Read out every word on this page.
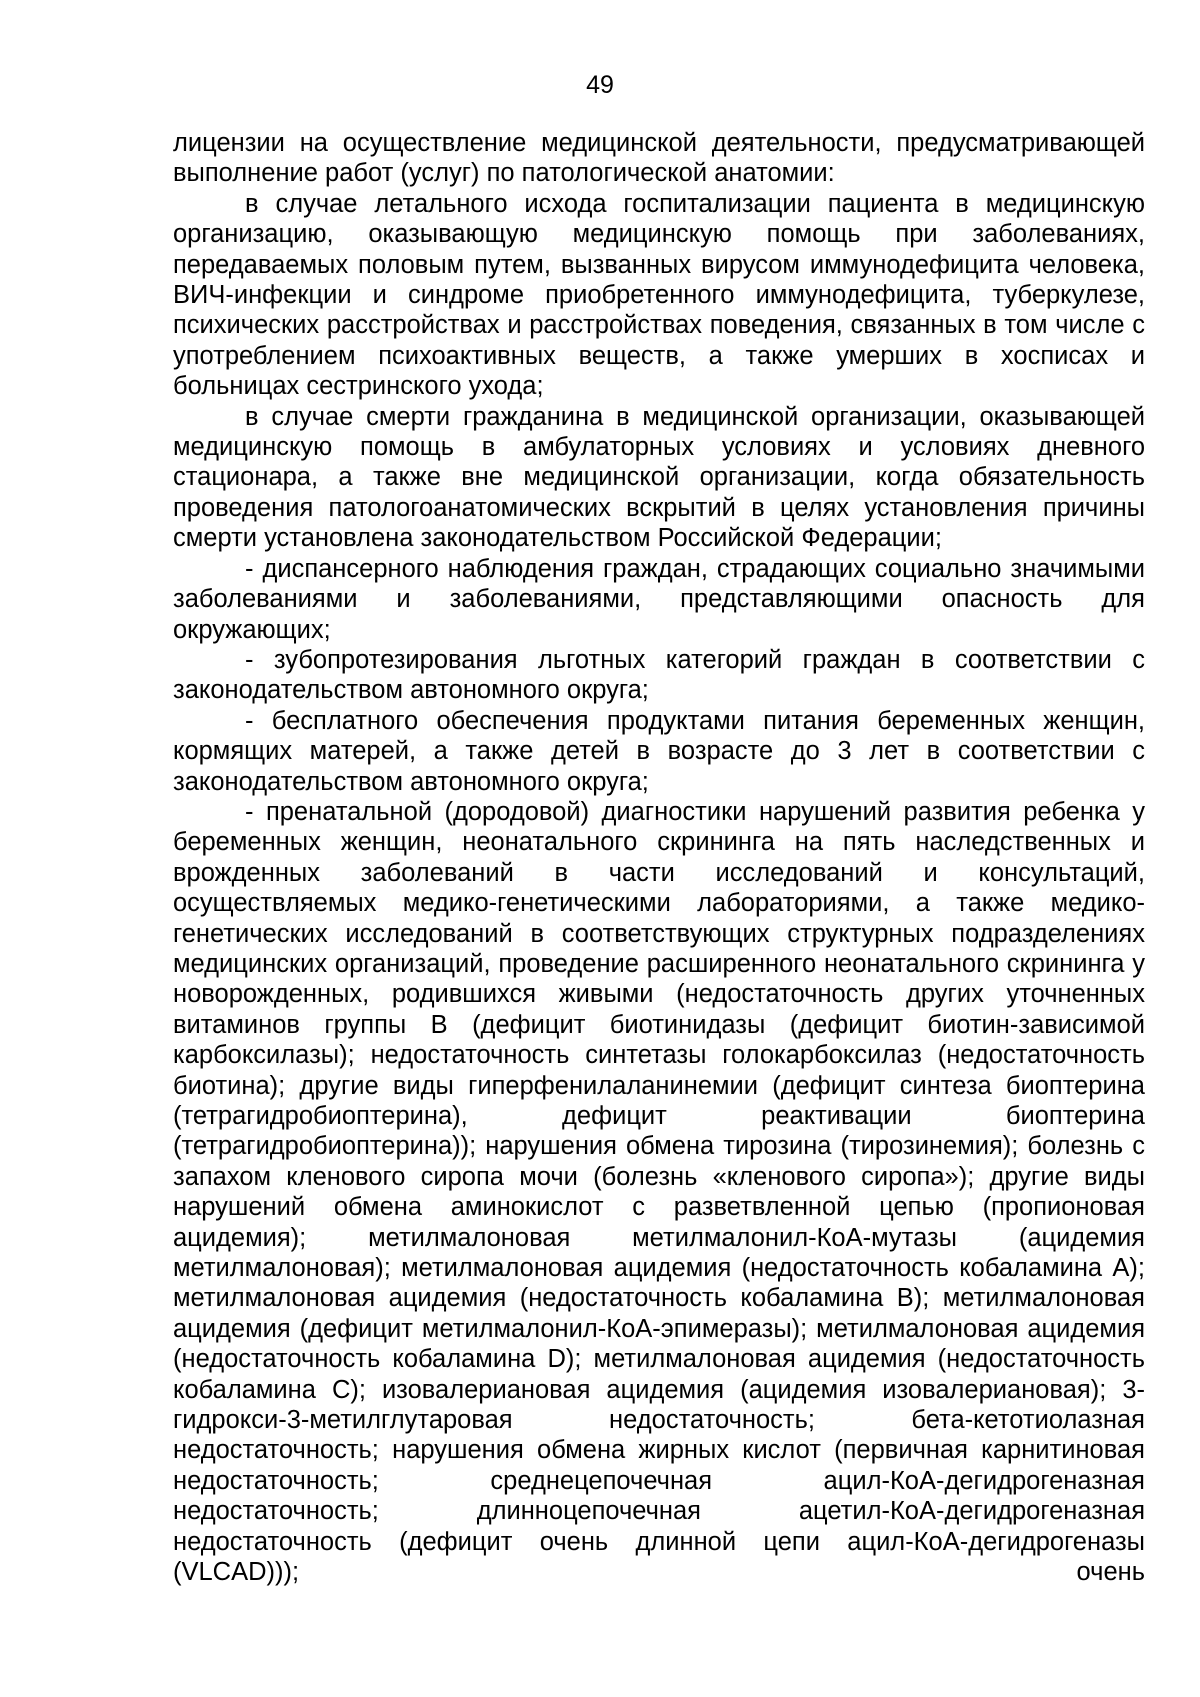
49

лицензии на осуществление медицинской деятельности, предусматривающей выполнение работ (услуг) по патологической анатомии:

в случае летального исхода госпитализации пациента в медицинскую организацию, оказывающую медицинскую помощь при заболеваниях, передаваемых половым путем, вызванных вирусом иммунодефицита человека, ВИЧ-инфекции и синдроме приобретенного иммунодефицита, туберкулезе, психических расстройствах и расстройствах поведения, связанных в том числе с употреблением психоактивных веществ, а также умерших в хосписах и больницах сестринского ухода;

в случае смерти гражданина в медицинской организации, оказывающей медицинскую помощь в амбулаторных условиях и условиях дневного стационара, а также вне медицинской организации, когда обязательность проведения патологоанатомических вскрытий в целях установления причины смерти установлена законодательством Российской Федерации;

- диспансерного наблюдения граждан, страдающих социально значимыми заболеваниями и заболеваниями, представляющими опасность для окружающих;

- зубопротезирования льготных категорий граждан в соответствии с законодательством автономного округа;

- бесплатного обеспечения продуктами питания беременных женщин, кормящих матерей, а также детей в возрасте до 3 лет в соответствии с законодательством автономного округа;

- пренатальной (дородовой) диагностики нарушений развития ребенка у беременных женщин, неонатального скрининга на пять наследственных и врожденных заболеваний в части исследований и консультаций, осуществляемых медико-генетическими лабораториями, а также медико-генетических исследований в соответствующих структурных подразделениях медицинских организаций, проведение расширенного неонатального скрининга у новорожденных, родившихся живыми (недостаточность других уточненных витаминов группы В (дефицит биотинидазы (дефицит биотин-зависимой карбоксилазы); недостаточность синтетазы голокарбоксилаз (недостаточность биотина); другие виды гиперфенилаланинемии (дефицит синтеза биоптерина (тетрагидробиоптерина), дефицит реактивации биоптерина (тетрагидробиоптерина)); нарушения обмена тирозина (тирозинемия); болезнь с запахом кленового сиропа мочи (болезнь «кленового сиропа»); другие виды нарушений обмена аминокислот с разветвленной цепью (пропионовая ацидемия); метилмалоновая метилмалонил-КоА-мутазы (ацидемия метилмалоновая); метилмалоновая ацидемия (недостаточность кобаламина А); метилмалоновая ацидемия (недостаточность кобаламина В); метилмалоновая ацидемия (дефицит метилмалонил-КоА-эпимеразы); метилмалоновая ацидемия (недостаточность кобаламина D); метилмалоновая ацидемия (недостаточность кобаламина С); изовалериановая ацидемия (ацидемия изовалериановая); 3-гидрокси-3-метилглутаровая недостаточность; бета-кетотиолазная недостаточность; нарушения обмена жирных кислот (первичная карнитиновая недостаточность; среднецепочечная ацил-КоА-дегидрогеназная недостаточность; длинноцепочечная ацетил-КоА-дегидрогеназная недостаточность (дефицит очень длинной цепи ацил-КоА-дегидрогеназы (VLCAD))); очень
